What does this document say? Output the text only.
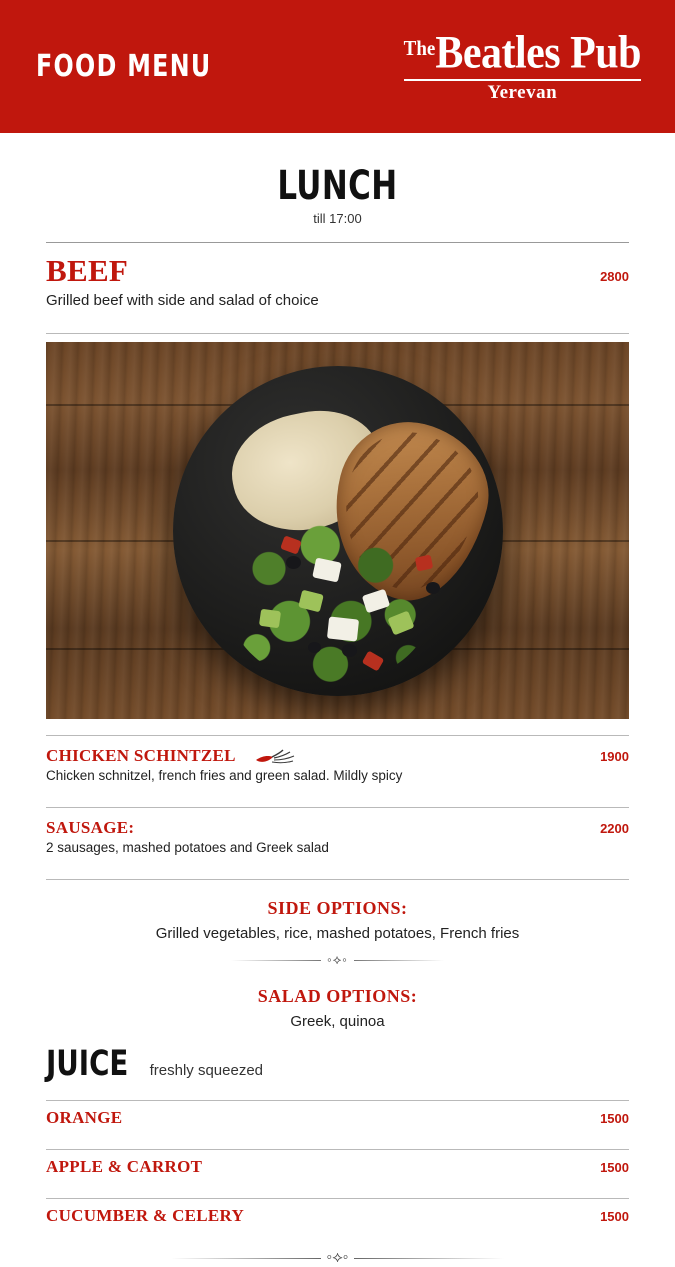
FOOD MENU
$^{The}$Beatles Pub
Yerevan
LUNCH
till 17:00
BEEF	2800
Grilled beef with side and salad of choice
CHICKEN SCHINTZEL	1900
Chicken schnitzel, french fries and green salad. Mildly spicy
SAUSAGE:	2200
2 sausages, mashed potatoes and Greek salad
SIDE OPTIONS:
Grilled vegetables, rice, mashed potatoes, French fries
◦⟡◦
SALAD OPTIONS:
Greek, quinoa
JUICE freshly squeezed
ORANGE	1500
APPLE & CARROT	1500
CUCUMBER & CELERY	1500
◦⟡◦
